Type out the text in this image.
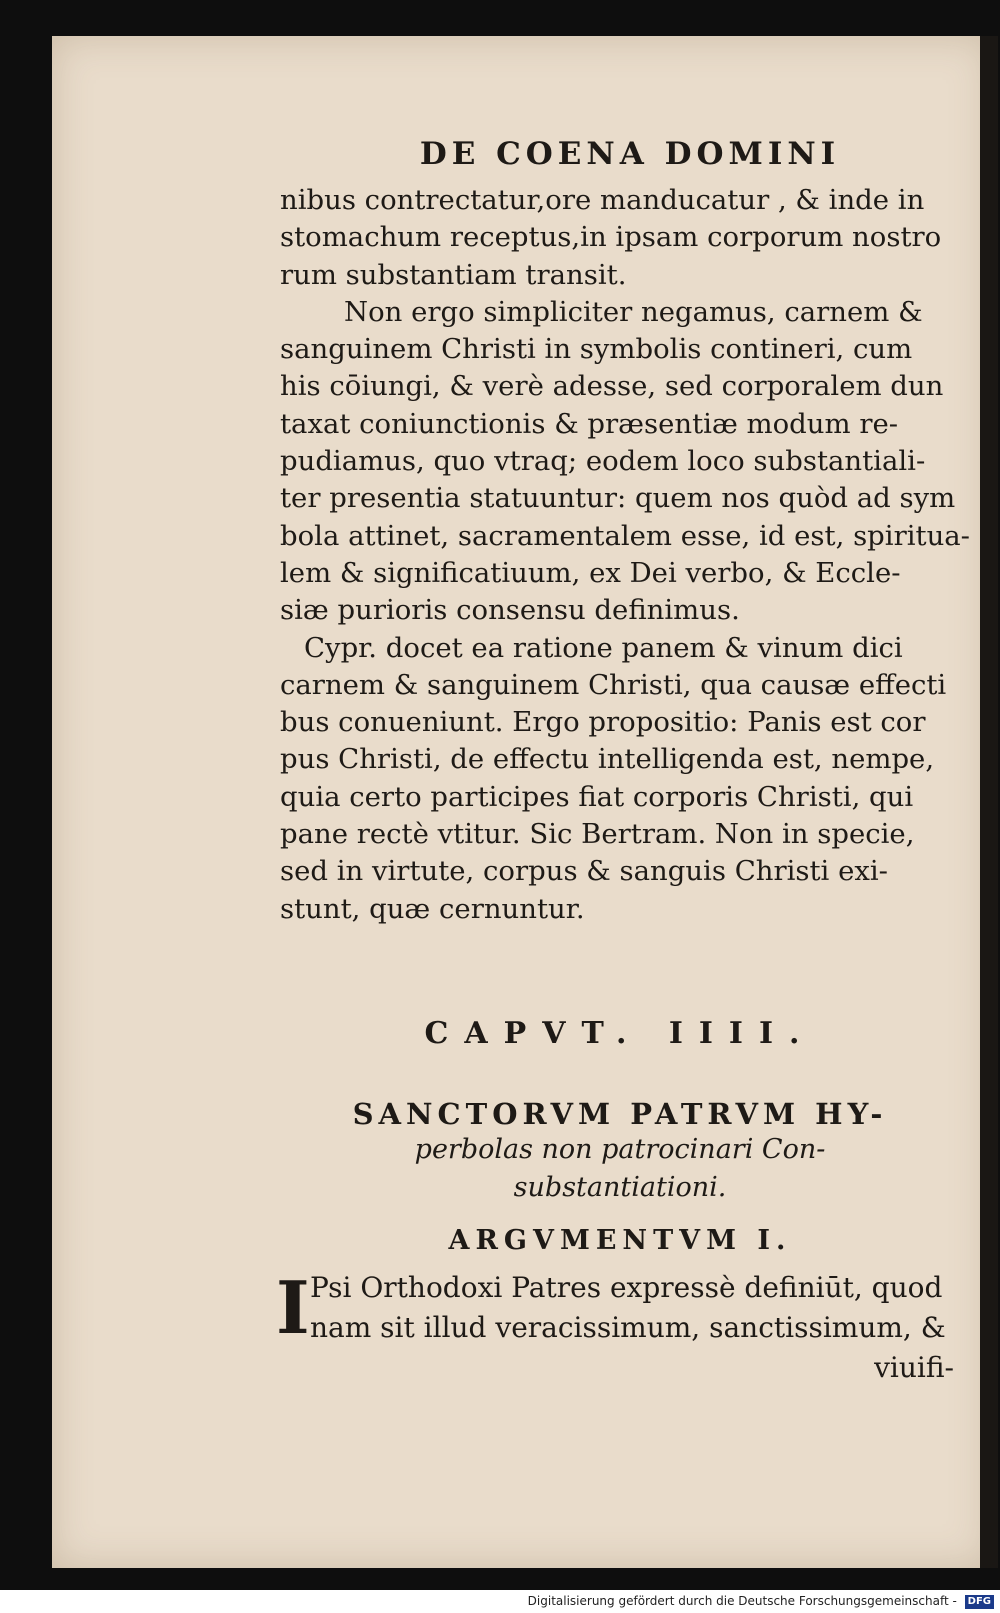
DE COENA DOMINI
nibus contrectatur,ore manducatur , & inde in
stomachum receptus,in ipsam corporum nostro
rum substantiam transit.
Non ergo simpliciter negamus, carnem &
sanguinem Christi in symbolis contineri, cum
his cōiungi, & verè adesse, sed corporalem dun
taxat coniunctionis & præsentiæ modum re-
pudiamus, quo vtraq; eodem loco substantiali-
ter presentia statuuntur: quem nos quòd ad sym
bola attinet, sacramentalem esse, id est, spiritua-
lem & significatiuum, ex Dei verbo, & Eccle-
siæ purioris consensu definimus.
Cypr. docet ea ratione panem & vinum dici
carnem & sanguinem Christi, qua causæ effecti
bus conueniunt. Ergo propositio: Panis est cor
pus Christi, de effectu intelligenda est, nempe,
quia certo participes fiat corporis Christi, qui
pane rectè vtitur. Sic Bertram. Non in specie,
sed in virtute, corpus & sanguis Christi exi-
stunt, quæ cernuntur.
CAPVT. IIII.
SANCTORVM PATRVM HY-
perbolas non patrocinari Con-
substantiationi.
ARGVMENTVM I.
I Psi Orthodoxi Patres expressè definiūt, quod
nam sit illud veracissimum, sanctissimum, &
viuifi-
Digitalisierung gefördert durch die Deutsche Forschungsgemeinschaft - DFG
